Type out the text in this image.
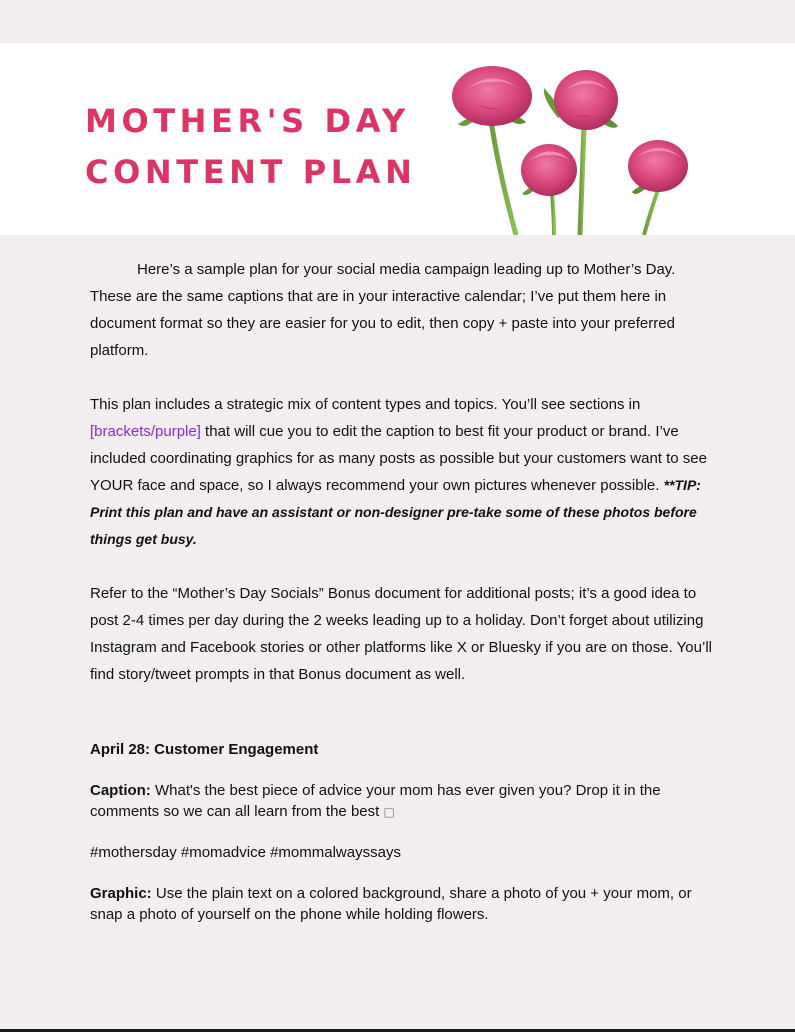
MOTHER'S DAY
CONTENT PLAN

Here’s a sample plan for your social media campaign leading up to Mother’s Day. These are the same captions that are in your interactive calendar; I’ve put them here in document format so they are easier for you to edit, then copy + paste into your preferred platform.

This plan includes a strategic mix of content types and topics. You’ll see sections in [brackets/purple] that will cue you to edit the caption to best fit your product or brand. I’ve included coordinating graphics for as many posts as possible but your customers want to see YOUR face and space, so I always recommend your own pictures whenever possible. **TIP: Print this plan and have an assistant or non-designer pre-take some of these photos before things get busy.

Refer to the “Mother’s Day Socials” Bonus document for additional posts; it’s a good idea to post 2-4 times per day during the 2 weeks leading up to a holiday. Don’t forget about utilizing Instagram and Facebook stories or other platforms like X or Bluesky if you are on those. You’ll find story/tweet prompts in that Bonus document as well.

April 28: Customer Engagement

Caption: What's the best piece of advice your mom has ever given you? Drop it in the comments so we can all learn from the best □

#mothersday #momadvice #mommalwayssays

Graphic: Use the plain text on a colored background, share a photo of you + your mom, or snap a photo of yourself on the phone while holding flowers.
